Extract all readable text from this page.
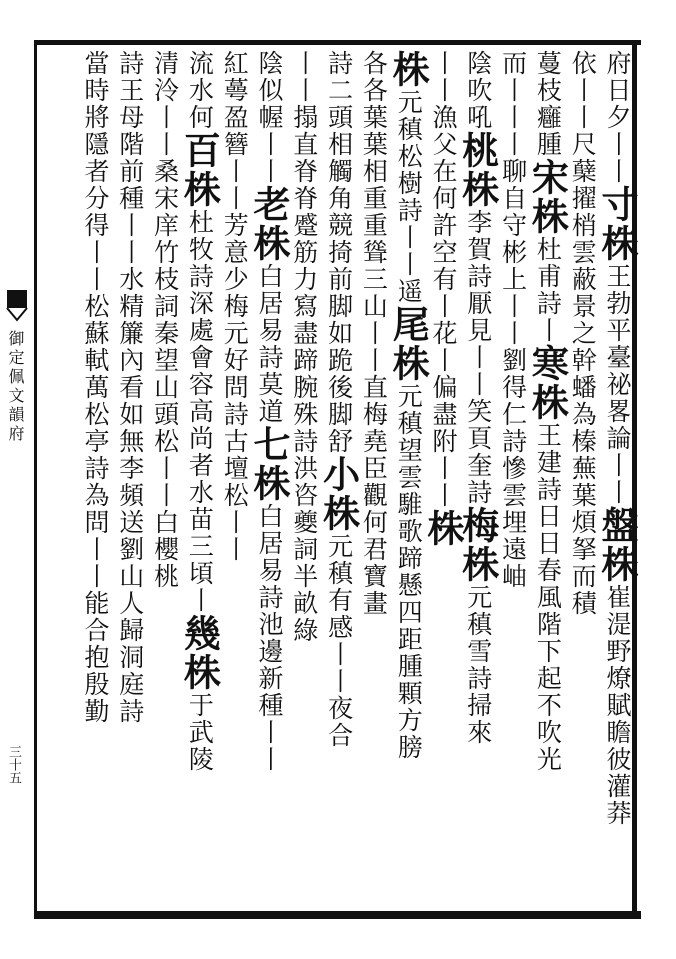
御定佩文韻府
三十五
府日夕丨丨寸株王勃平臺祕畧論丨丨盤株崔湜野燎賦瞻彼灌莽
依丨丨尺蘖擢梢雲蔽景之幹蟠為榛蕪葉煩拏而積
蔓枝癰腫宋株杜甫詩丨寒株王建詩日日春風階下起不吹光
而丨丨丨聊自守彬上丨丨劉得仁詩慘雲埋遠岫
陰吹吼桃株李賀詩厭見丨丨笑頁奎詩梅株元稹雪詩掃來
丨丨漁父在何許空有丨花丨偏盡附丨丨株
株元稹松樹詩丨丨遥尾株元稹望雲騅歌蹄懸四距腫顆方膀
各各葉葉相重重聳三山丨丨直梅堯臣觀何君寶畫
詩二頭相觸角競掎前脚如跪後脚舒小株元稹有感丨丨夜合
丨丨搨直脊脊蹙筋力寫盡蹄腕殊詩洪咨夔詞半畝綠
陰似幄丨丨老株白居易詩莫道七株白居易詩池邊新種丨丨
紅蕚盈簪丨丨芳意少梅元好問詩古壇松丨丨
流水何百株杜牧詩深處會容高尚者水苗三頃丨幾株于武陵
清泠丨丨桑宋庠竹枝詞秦望山頭松丨丨白櫻桃
詩王母階前種丨丨水精簾內看如無李頻送劉山人歸洞庭詩
當時將隱者分得丨丨松蘇軾萬松亭詩為問丨丨能合抱殷勤
